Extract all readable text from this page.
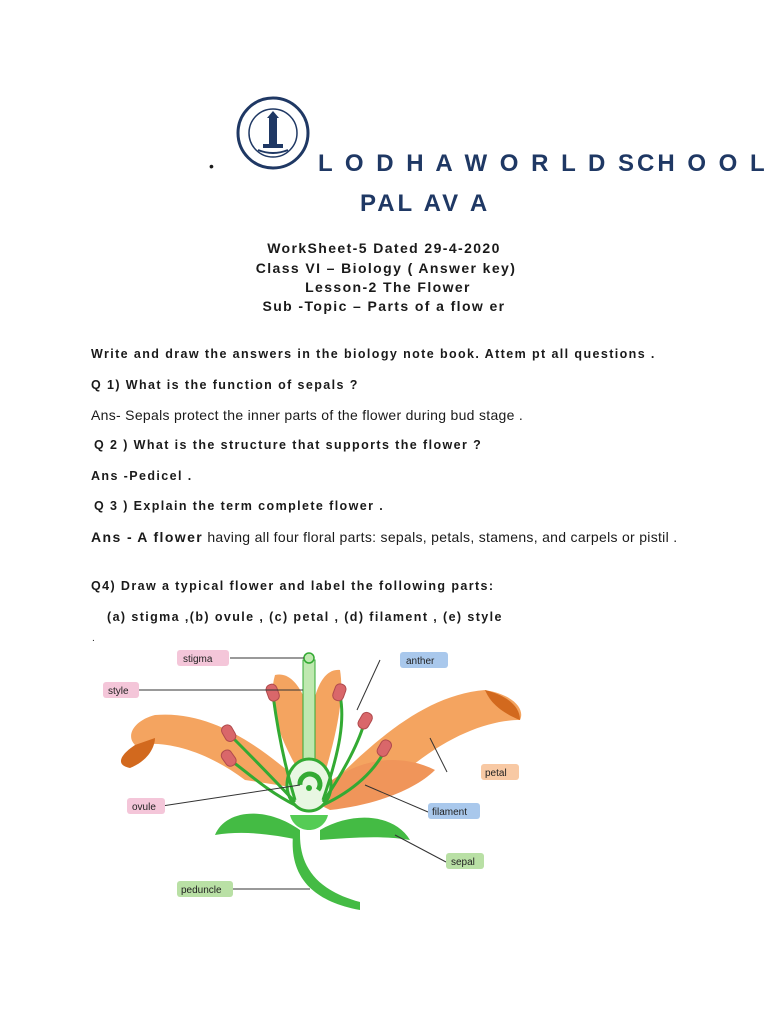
•	L O D H A W O R L D SCH O O L
PAL AV A
WorkSheet-5 Dated 29-4-2020
Class VI – Biology ( Answer key)
Lesson-2 The Flower
Sub -Topic – Parts of a flow er
Write and draw the answers in the biology note book. Attem pt all questions .
Q 1) What is the function of sepals ?
Ans- Sepals protect the inner parts of the flower during bud stage .
Q 2 ) What is the structure that supports the flower ?
Ans -Pedicel .
Q 3 ) Explain the term complete flower .
Ans - A flower having all four floral parts: sepals, petals, stamens, and carpels or pistil .
Q4) Draw a typical flower and label the following parts:
(a) stigma ,(b) ovule , (c) petal , (d) filament , (e) style
.
stigma	anther
style
petal
ovule	filament
sepal
peduncle
